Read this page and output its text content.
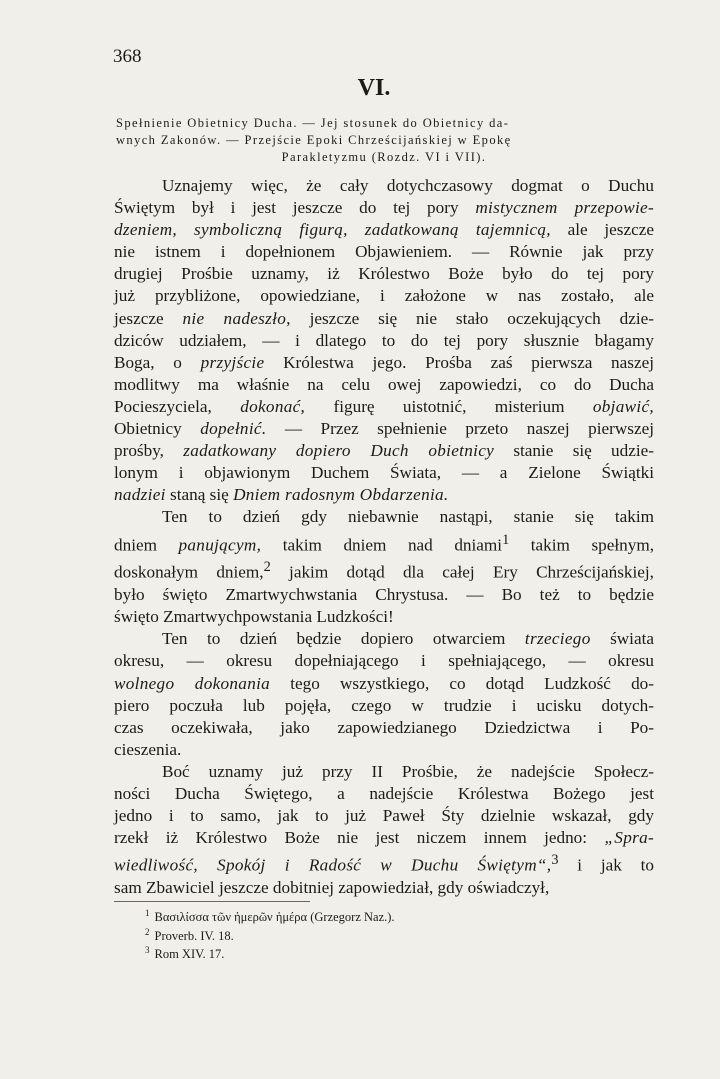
368
VI.
Spełnienie Obietnicy Ducha. — Jej stosunek do Obietnicy da-
wnych Zakonów. — Przejście Epoki Chrześcijańskiej w Epokę
Parakletyzmu (Rozdz. VI i VII).
Uznajemy więc, że cały dotychczasowy dogmat o Duchu
Świętym był i jest jeszcze do tej pory mistycznem przepowie-
dzeniem, symboliczną figurą, zadatkowaną tajemnicą, ale jeszcze
nie istnem i dopełnionem Objawieniem. — Równie jak przy
drugiej Prośbie uznamy, iż Królestwo Boże było do tej pory
już przybliżone, opowiedziane, i założone w nas zostało, ale
jeszcze nie nadeszło, jeszcze się nie stało oczekujących dzie-
dziców udziałem, — i dlatego to do tej pory słusznie błagamy
Boga, o przyjście Królestwa jego. Prośba zaś pierwsza naszej
modlitwy ma właśnie na celu owej zapowiedzi, co do Ducha
Pocieszyciela, dokonać, figurę uistotnić, misterium objawić,
Obietnicy dopełnić. — Przez spełnienie przeto naszej pierwszej
prośby, zadatkowany dopiero Duch obietnicy stanie się udzie-
lonym i objawionym Duchem Świata, — a Zielone Świątki
nadziei staną się Dniem radosnym Obdarzenia.
Ten to dzień gdy niebawnie nastąpi, stanie się takim
dniem panującym, takim dniem nad dniami$^1$ takim spełnym,
doskonałym dniem,$^2$ jakim dotąd dla całej Ery Chrześcijańskiej,
było święto Zmartwychwstania Chrystusa. — Bo też to będzie
święto Zmartwychpowstania Ludzkości!
Ten to dzień będzie dopiero otwarciem trzeciego świata
okresu, — okresu dopełniającego i spełniającego, — okresu
wolnego dokonania tego wszystkiego, co dotąd Ludzkość do-
piero poczuła lub pojęła, czego w trudzie i ucisku dotych-
czas oczekiwała, jako zapowiedzianego Dziedzictwa i Po-
cieszenia.
Boć uznamy już przy II Prośbie, że nadejście Społecz-
ności Ducha Świętego, a nadejście Królestwa Bożego jest
jedno i to samo, jak to już Paweł Śty dzielnie wskazał, gdy
rzekł iż Królestwo Boże nie jest niczem innem jedno: „Spra-
wiedliwość, Spokój i Radość w Duchu Świętym“,$^3$ i jak to
sam Zbawiciel jeszcze dobitniej zapowiedział, gdy oświadczył,
$^1$ Βασιλίσσα τῶν ἡμερῶν ἡμέρα (Grzegorz Naz.).
$^2$ Proverb. IV. 18.
$^3$ Rom XIV. 17.
